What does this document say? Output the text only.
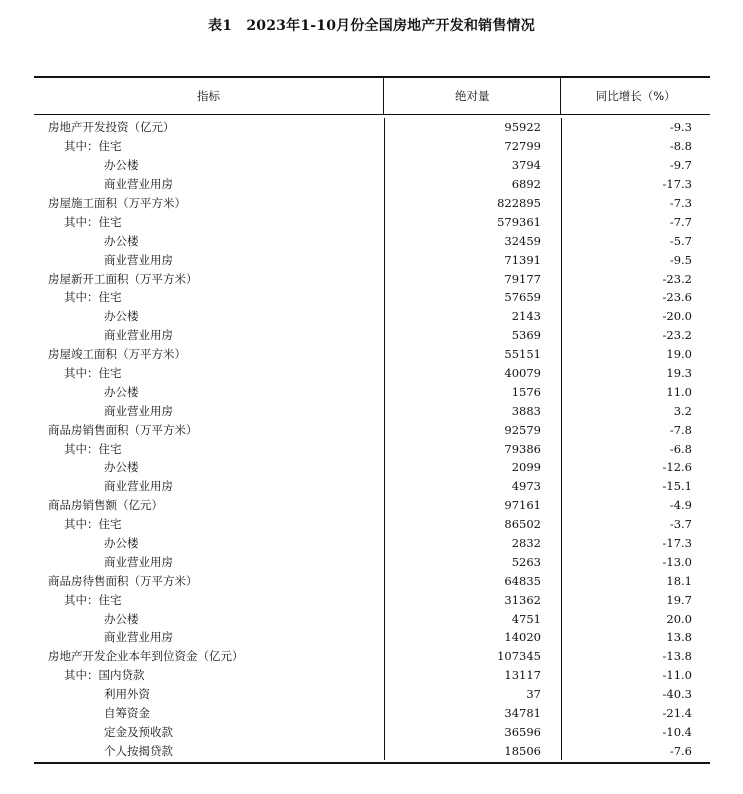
表1　2023年1-10月份全国房地产开发和销售情况
指标	绝对量	同比增长（%）
房地产开发投资（亿元）	95922	-9.3
其中：住宅	72799	-8.8
办公楼	3794	-9.7
商业营业用房	6892	-17.3
房屋施工面积（万平方米）	822895	-7.3
其中：住宅	579361	-7.7
办公楼	32459	-5.7
商业营业用房	71391	-9.5
房屋新开工面积（万平方米）	79177	-23.2
其中：住宅	57659	-23.6
办公楼	2143	-20.0
商业营业用房	5369	-23.2
房屋竣工面积（万平方米）	55151	19.0
其中：住宅	40079	19.3
办公楼	1576	11.0
商业营业用房	3883	3.2
商品房销售面积（万平方米）	92579	-7.8
其中：住宅	79386	-6.8
办公楼	2099	-12.6
商业营业用房	4973	-15.1
商品房销售额（亿元）	97161	-4.9
其中：住宅	86502	-3.7
办公楼	2832	-17.3
商业营业用房	5263	-13.0
商品房待售面积（万平方米）	64835	18.1
其中：住宅	31362	19.7
办公楼	4751	20.0
商业营业用房	14020	13.8
房地产开发企业本年到位资金（亿元）	107345	-13.8
其中：国内贷款	13117	-11.0
利用外资	37	-40.3
自筹资金	34781	-21.4
定金及预收款	36596	-10.4
个人按揭贷款	18506	-7.6
